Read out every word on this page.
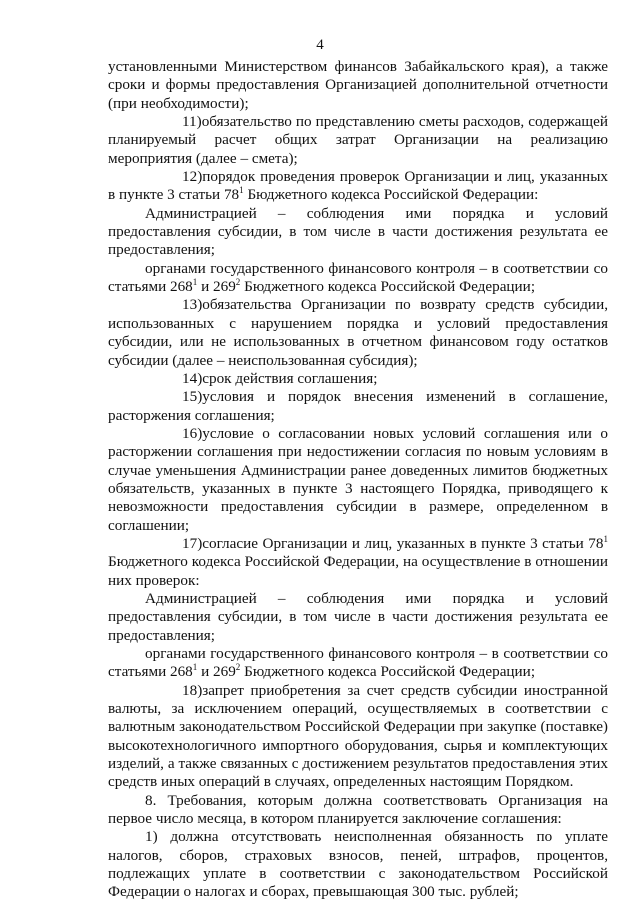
4

установленными Министерством финансов Забайкальского края), а также сроки и формы предоставления Организацией дополнительной отчетности (при необходимости);

11)обязательство по представлению сметы расходов, содержащей планируемый расчет общих затрат Организации на реализацию мероприятия (далее – смета);

12)порядок проведения проверок Организации и лиц, указанных в пункте 3 статьи $78^1$ Бюджетного кодекса Российской Федерации:

Администрацией – соблюдения ими порядка и условий предоставления субсидии, в том числе в части достижения результата ее предоставления;

органами государственного финансового контроля – в соответствии со статьями $268^1$ и $269^2$ Бюджетного кодекса Российской Федерации;

13)обязательства Организации по возврату средств субсидии, использованных с нарушением порядка и условий предоставления субсидии, или не использованных в отчетном финансовом году остатков субсидии (далее – неиспользованная субсидия);

14)срок действия соглашения;

15)условия и порядок внесения изменений в соглашение, расторжения соглашения;

16)условие о согласовании новых условий соглашения или о расторжении соглашения при недостижении согласия по новым условиям в случае уменьшения Администрации ранее доведенных лимитов бюджетных обязательств, указанных в пункте 3 настоящего Порядка, приводящего к невозможности предоставления субсидии в размере, определенном в соглашении;

17)согласие Организации и лиц, указанных в пункте 3 статьи $78^1$ Бюджетного кодекса Российской Федерации, на осуществление в отношении них проверок:

Администрацией – соблюдения ими порядка и условий предоставления субсидии, в том числе в части достижения результата ее предоставления;

органами государственного финансового контроля – в соответствии со статьями $268^1$ и $269^2$ Бюджетного кодекса Российской Федерации;

18)запрет приобретения за счет средств субсидии иностранной валюты, за исключением операций, осуществляемых в соответствии с валютным законодательством Российской Федерации при закупке (поставке) высокотехнологичного импортного оборудования, сырья и комплектующих изделий, а также связанных с достижением результатов предоставления этих средств иных операций в случаях, определенных настоящим Порядком.

8. Требования, которым должна соответствовать Организация на первое число месяца, в котором планируется заключение соглашения:

1) должна отсутствовать неисполненная обязанность по уплате налогов, сборов, страховых взносов, пеней, штрафов, процентов, подлежащих уплате в соответствии с законодательством Российской Федерации о налогах и сборах, превышающая 300 тыс. рублей;
